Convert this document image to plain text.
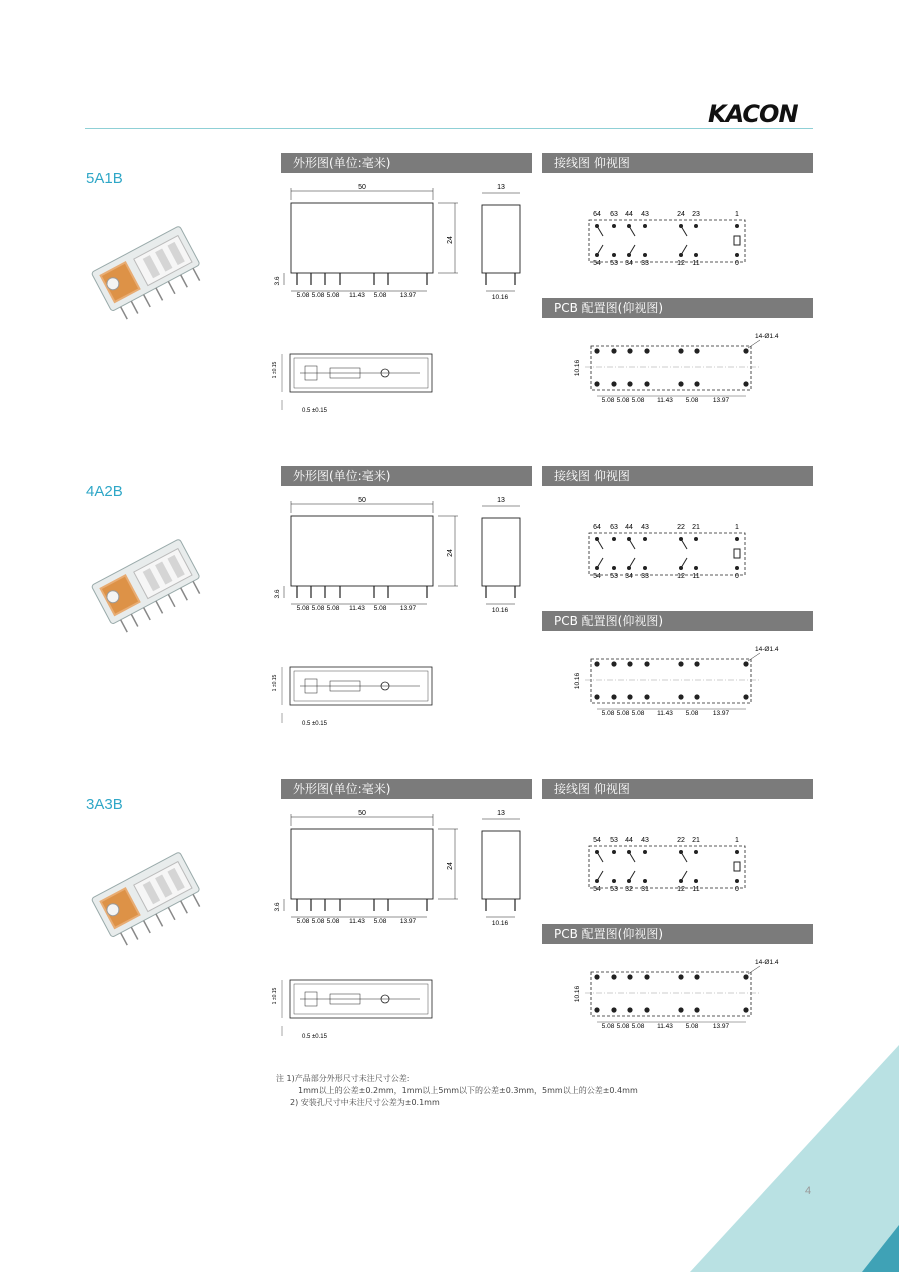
KACON
5A1B
外形图(单位:毫米)	接线图 仰视图
PCB 配置图(仰视图)
50
24
3.6
5.08 5.08 5.08 11.43 5.08 13.97
13
10.16
1 ±0.15
0.5 ±0.15
64 63 44 43	24 23	1
54 53 34 33	12 11	0
14-Ø1.4
10.16
5.08 5.08 5.08 11.43 5.08 13.97
4A2B
外形图(单位:毫米)	接线图 仰视图
PCB 配置图(仰视图)
50
24
3.6
5.08 5.08 5.08 11.43 5.08 13.97
13
10.16
1 ±0.15
0.5 ±0.15
64 63 44 43	22 21	1
54 53 34 33	12 11	0
14-Ø1.4
10.16
5.08 5.08 5.08 11.43 5.08 13.97
3A3B
外形图(单位:毫米)	接线图 仰视图
PCB 配置图(仰视图)
50
24
3.6
5.08 5.08 5.08 11.43 5.08 13.97
13
10.16
1 ±0.15
0.5 ±0.15
54 53 44 43	22 21	1
54 53 32 31	12 11	0
14-Ø1.4
10.16
5.08 5.08 5.08 11.43 5.08 13.97
注 1)产品部分外形尺寸未注尺寸公差:
1mm以上的公差±0.2mm，1mm以上5mm以下的公差±0.3mm，5mm以上的公差±0.4mm
2) 安装孔尺寸中未注尺寸公差为±0.1mm
4
